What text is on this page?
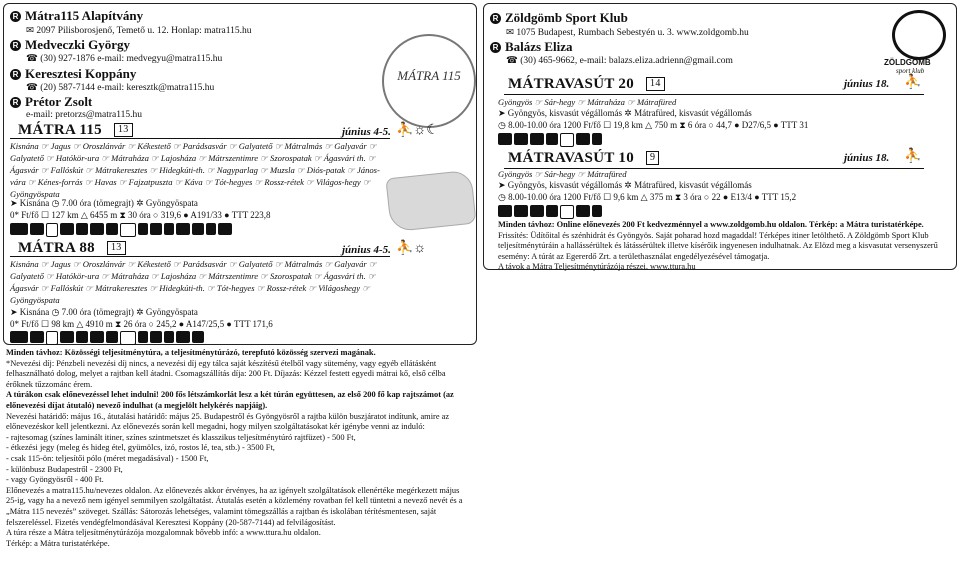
R Mátra115 Alapítvány
✉ 2097 Pilisborosjenő, Temető u. 12. Honlap: matra115.hu
R Medveczki György
☎ (30) 927-1876 e-mail: medvegyu@matra115.hu
R Keresztesi Koppány
☎ (20) 587-7144 e-mail: keresztk@matra115.hu
R Prétor Zsolt
e-mail: pretorzs@matra115.hu
MÁTRA 115
MÁTRA 115 13	június 4-5. ⛹☼☾
Kisnána ☞ Jagus ☞ Oroszlánvár ☞ Kékestető ☞ Parádsasvár ☞ Galyatető ☞ Mátralmás ☞ Galyavár ☞ Galyatető ☞ Hatókör-ura ☞ Mátraháza ☞ Lajosháza ☞ Mátrszentimre ☞ Szorospatak ☞ Ágasvári th. ☞ Ágasvár ☞ Fallóskút ☞ Mátrakeresztes ☞ Hidegkúti-th. ☞ Nagyparlag ☞ Muzsla ☞ Diós-patak ☞ János-vára ☞ Kénes-forrás ☞ Havas ☞ Fajzatpuszta ☞ Káva ☞ Tót-hegyes ☞ Rossz-rétek ☞ Világos-hegy ☞ Gyöngyöspata
➤ Kisnána ◷ 7.00 óra (tömegrajt) ✲ Gyöngyöspata
0* Ft/fő ☐ 127 km △ 6455 m ⧗ 30 óra ○ 319,6 ● A191/33 ● TTT 223,8
MÁTRA 88 13	június 4-5. ⛹☼
Kisnána ☞ Jagus ☞ Oroszlánvár ☞ Kékestető ☞ Parádsasvár ☞ Galyatető ☞ Mátralmás ☞ Galyavár ☞ Galyatető ☞ Hatókör-ura ☞ Mátraháza ☞ Lajosháza ☞ Mátrszentimre ☞ Szorospatak ☞ Ágasvári th. ☞ Ágasvár ☞ Fallóskút ☞ Mátrakeresztes ☞ Hidegkúti-th. ☞ Tót-hegyes ☞ Rossz-rétek ☞ Világoshegy ☞ Gyöngyöspata
➤ Kisnána ◷ 7.00 óra (tömegrajt) ✲ Gyöngyöspata
0* Ft/fő ☐ 98 km △ 4910 m ⧗ 26 óra ○ 245,2 ● A147/25,5 ● TTT 171,6
Minden távhoz: Közösségi teljesítménytúra, a teljesítménytúrázó, terepfutó közösség szervezi magának.
*Nevezési díj: Pénzbeli nevezési díj nincs, a nevezési díj egy tálca saját készítésű ételből vagy sütemény, vagy egyéb ellátásként felhasználható dolog, melyet a rajtban kell átadni. Csomagszállítás díja: 200 Ft. Díjazás: Kézzel festett egyedi mátrai kő, első célba érőknek tűzzománc érem.
A túrákon csak előnevezéssel lehet indulni! 200 fős létszámkorlát lesz a két túrán együttesen, az első 200 fő kap rajtszámot (az előnevezési díjat átutaló) nevező indulhat (a megjelölt helykérés napjáig).
Nevezési határidő: május 16., átutalási határidő: május 25. Budapestről és Gyöngyösről a rajtba külön buszjáratot indítunk, amire az előnevezéskor kell jelentkezni. Az előnevezés során kell megadni, hogy milyen szolgáltatásokat kér igénybe venni az induló:
- rajtesomag (színes laminált itiner, színes szintmetszet és klasszikus teljesítménytúró rajtfüzet) - 500 Ft,
- étkezési jegy (meleg és hideg étel, gyümölcs, izó, rostos lé, tea, stb.) - 3500 Ft,
- csak 115-ön: teljesítői pólo (méret megadásával) - 1500 Ft,
- különbusz Budapestről - 2300 Ft,
- vagy Gyöngyösről - 400 Ft.
Előnevezés a matra115.hu/nevezes oldalon. Az előnevezés akkor érvényes, ha az igényelt szolgáltatások ellenértéke megérkezett május 25-ig, vagy ha a nevező nem igényel semmilyen szolgáltatást. Átutalás esetén a közlemény rovatban fel kell tüntetni a nevező nevét és a „Mátra 115 nevezés” szöveget. Szállás: Sátorozás lehetséges, valamint tömegszállás a rajtban és iskolában térítésmentesen, saját felszereléssel. Fizetés vendégfelmondásával Keresztesi Koppány (20-587-7144) ad felvilágosítást.
A túra része a Mátra teljesítménytúrázója mozgalomnak bővebb infó: a www.ttura.hu oldalon.
Térkép: a Mátra turistatérképe.
R Zöldgömb Sport Klub
✉ 1075 Budapest, Rumbach Sebestyén u. 3. www.zoldgomb.hu
R Balázs Eliza
☎ (30) 465-9662, e-mail: balazs.eliza.adrienn@gmail.com	ZÖLDGÖMB
sport klub
MÁTRAVASÚT 20 14	június 18. ⛹
Gyöngyös ☞ Sár-hegy ☞ Mátraháza ☞ Mátrafüred
➤ Gyöngyös, kisvasút végállomás ✲ Mátrafüred, kisvasút végállomás
◷ 8.00-10.00 óra 1200 Ft/fő ☐ 19,8 km △ 750 m ⧗ 6 óra ○ 44,7 ● D27/6,5 ● TTT 31
MÁTRAVASÚT 10 9	június 18. ⛹
Gyöngyös ☞ Sár-hegy ☞ Mátrafüred
➤ Gyöngyös, kisvasút végállomás ✲ Mátrafüred, kisvasút végállomás
◷ 8.00-10.00 óra 1200 Ft/fő ☐ 9,6 km △ 375 m ⧗ 3 óra ○ 22 ● E13/4 ● TTT 15,2
Minden távhoz: Online előnevezés 200 Ft kedvezménnyel a www.zoldgomb.hu oldalon. Térkép: a Mátra turistatérképe.
Frissítés: Üdítőital és szénhidrát és Gyöngyös. Saját poharad hozd magaddal! Térképes itiner letölthető. A Zöldgömb Sport Klub teljesítménytúráin a hallássérültek és látássérültek illetve kísérőik ingyenesen indulhatnak. Az Elözd meg a kisvasutat versenyszerű esemény: A túrát az Egererdő Zrt. a területhasználat engedélyezésével támogatja.
A távok a Mátra Teljesítménytúrázója részei. www.ttura.hu
